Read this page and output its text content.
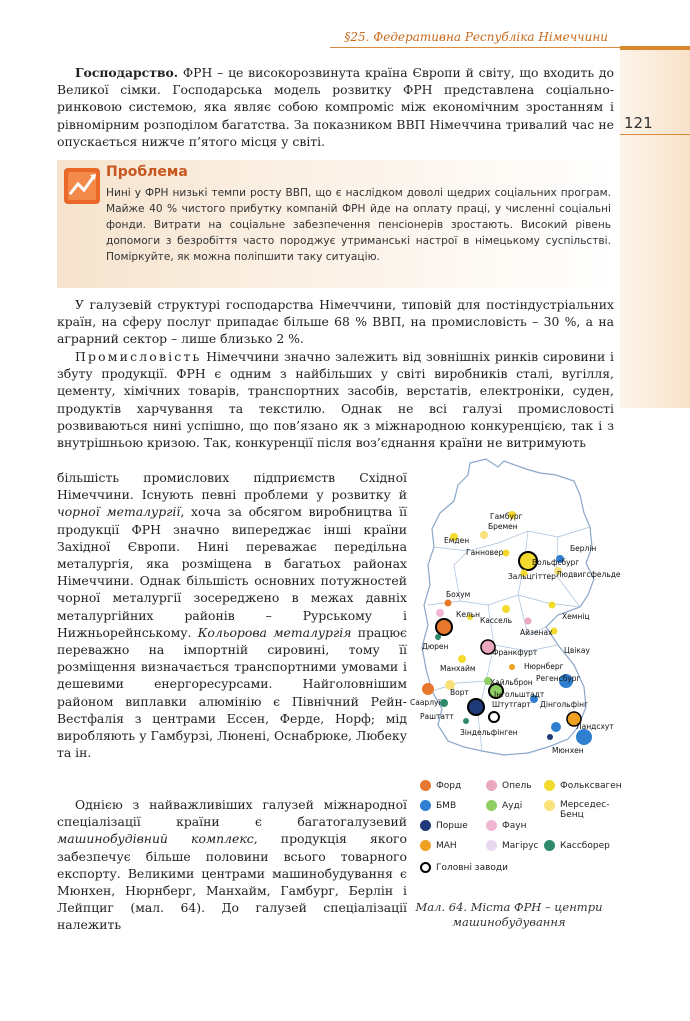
§25. Федеративна Республіка Німеччини
121

Господарство. ФРН – це високорозвинута країна Європи й світу, що входить до Великої сімки. Господарська модель розвитку ФРН представлена соціально-ринковою системою, яка являє собою компроміс між економічним зростанням і рівномірним розподілом багатства. За показником ВВП Німеччина тривалий час не опускається нижче п’ятого місця у світі.

Проблема
Нині у ФРН низькі темпи росту ВВП, що є наслідком доволі щедрих соціальних програм. Майже 40 % чистого прибутку компаній ФРН йде на оплату праці, у численні соціальні фонди. Витрати на соціальне забезпечення пенсіонерів зростають. Високий рівень допомоги з безробіття часто породжує утриманські настрої в німецькому суспільстві. Поміркуйте, як можна поліпшити таку ситуацію.

У галузевій структурі господарства Німеччини, типовій для постіндустріальних країн, на сферу послуг припадає більше 68 % ВВП, на промисловість – 30 %, а на аграрний сектор – лише близько 2 %.

Промисловість Німеччини значно залежить від зовнішніх ринків сировини і збуту продукції. ФРН є одним з найбільших у світі виробників сталі, вугілля, цементу, хімічних товарів, транспортних засобів, верстатів, електроніки, суден, продуктів харчування та текстилю. Однак не всі галузі промисловості розвиваються нині успішно, що пов’язано як з міжнародною конкуренцією, так і з внутрішньою кризою. Так, конкуренції після воз’єднання країни не витримують

більшість промислових підприємств Східної Німеччини. Існують певні проблеми у розвитку й чорної металургії, хоча за обсягом виробництва її продукції ФРН значно випереджає інші країни Західної Європи. Нині переважає передільна металургія, яка розміщена в багатьох районах Німеччини. Однак більшість основних потужностей чорної металургії зосереджено в межах давніх металургійних районів – Рурському і Нижньорейнському. Кольорова металургія працює переважно на імпортній сировині, тому її розміщення визначається транспортними умовами і дешевими енергоресурсами. Найголовнішим районом виплавки алюмінію є Північний Рейн-Вестфалія з центрами Ессен, Ферде, Норф; мід виробляють у Гамбурзі, Люнені, Оснабрюке, Любеку та ін.

Однією з найважливіших галузей міжнародної спеціалізації країни є багатогалузевий машинобудівний комплекс, продукція якого забезпечує більше половини всього товарного експорту. Великими центрами машинобудування є Мюнхен, Нюрнберг, Манхайм, Гамбург, Берлін і Лейпциг (мал. 64). До галузей спеціалізації належить

Гамбург
Бремен
Емден
Ганновер	Берлін
Вольфсбург
Зальцгіттер Людвигсфельде
Бохум
Кельн
Кассель
Айзенах
Хемніц
Дюрен	Цвікау
Франкфурт
Манхайм	Нюрнберг
Регенсбург
Ворт
Хайльброн
Інгольштадт
Саарлуї
Раштатт
Штутгарт
Зіндельфінген
Дінгольфінг
Ландсхут
Мюнхен
Форд	Опель	Фольксваген
БМВ	Ауді	Мерседес-Бенц
Порше	Фаун
МАН	Магірус Кассборер
Головні заводи
Мал. 64. Міста ФРН – центри машинобудування
